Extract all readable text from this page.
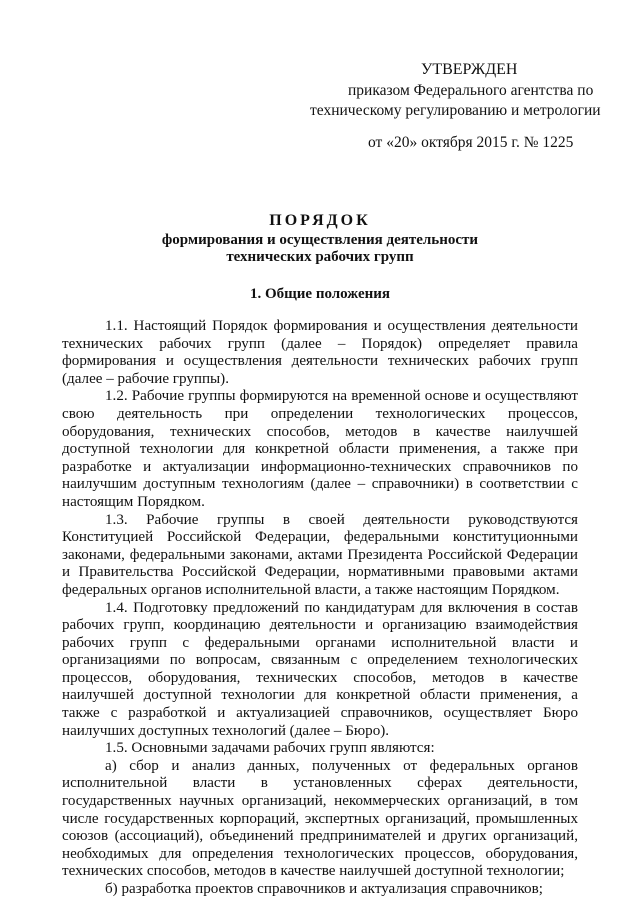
УТВЕРЖДЕН
приказом Федерального агентства по
техническому регулированию и метрологии
от «20» октября 2015 г. № 1225
ПОРЯДОК
формирования и осуществления деятельности
технических рабочих групп
1. Общие положения

1.1. Настоящий Порядок формирования и осуществления деятельности технических рабочих групп (далее – Порядок) определяет правила формирования и осуществления деятельности технических рабочих групп (далее – рабочие группы).

1.2. Рабочие группы формируются на временной основе и осуществляют свою деятельность при определении технологических процессов, оборудования, технических способов, методов в качестве наилучшей доступной технологии для конкретной области применения, а также при разработке и актуализации информационно-технических справочников по наилучшим доступным технологиям (далее – справочники) в соответствии с настоящим Порядком.

1.3. Рабочие группы в своей деятельности руководствуются Конституцией Российской Федерации, федеральными конституционными законами, федеральными законами, актами Президента Российской Федерации и Правительства Российской Федерации, нормативными правовыми актами федеральных органов исполнительной власти, а также настоящим Порядком.

1.4. Подготовку предложений по кандидатурам для включения в состав рабочих групп, координацию деятельности и организацию взаимодействия рабочих групп с федеральными органами исполнительной власти и организациями по вопросам, связанным с определением технологических процессов, оборудования, технических способов, методов в качестве наилучшей доступной технологии для конкретной области применения, а также с разработкой и актуализацией справочников, осуществляет Бюро наилучших доступных технологий (далее – Бюро).

1.5. Основными задачами рабочих групп являются:

а) сбор и анализ данных, полученных от федеральных органов исполнительной власти в установленных сферах деятельности, государственных научных организаций, некоммерческих организаций, в том числе государственных корпораций, экспертных организаций, промышленных союзов (ассоциаций), объединений предпринимателей и других организаций, необходимых для определения технологических процессов, оборудования, технических способов, методов в качестве наилучшей доступной технологии;

б) разработка проектов справочников и актуализация справочников;
